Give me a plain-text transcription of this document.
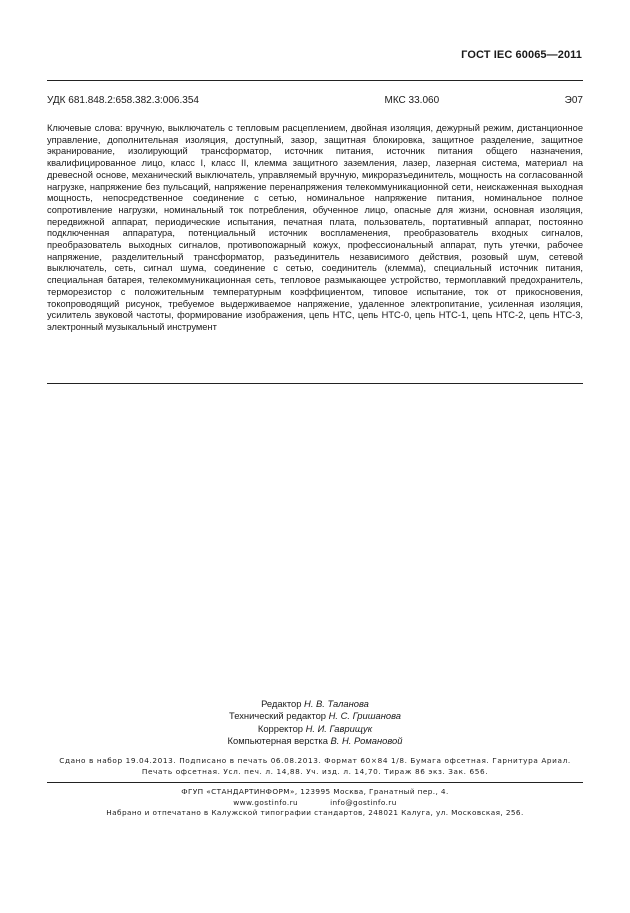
ГОСТ IEC 60065—2011
УДК 681.848.2:658.382.3:006.354	МКС 33.060	Э07

Ключевые слова: вручную, выключатель с тепловым расцеплением, двойная изоляция, дежурный режим, дистанционное управление, дополнительная изоляция, доступный, зазор, защитная блокировка, защитное разделение, защитное экранирование, изолирующий трансформатор, источник питания, источник питания общего назначения, квалифицированное лицо, класс I, класс II, клемма защитного заземления, лазер, лазерная система, материал на древесной основе, механический выключатель, управляемый вручную, микроразъединитель, мощность на согласованной нагрузке, напряжение без пульсаций, напряжение перенапряжения телекоммуникационной сети, неискаженная выходная мощность, непосредственное соединение с сетью, номинальное напряжение питания, номинальное полное сопротивление нагрузки, номинальный ток потребления, обученное лицо, опасные для жизни, основная изоляция, передвижной аппарат, периодические испытания, печатная плата, пользователь, портативный аппарат, постоянно подключенная аппаратура, потенциальный источник воспламенения, преобразователь входных сигналов, преобразователь выходных сигналов, противопожарный кожух, профессиональный аппарат, путь утечки, рабочее напряжение, разделительный трансформатор, разъединитель независимого действия, розовый шум, сетевой выключатель, сеть, сигнал шума, соединение с сетью, соединитель (клемма), специальный источник питания, специальная батарея, телекоммуникационная сеть, тепловое размыкающее устройство, термоплавкий предохранитель, терморезистор с положительным температурным коэффициентом, типовое испытание, ток от прикосновения, токопроводящий рисунок, требуемое выдерживаемое напряжение, удаленное электропитание, усиленная изоляция, усилитель звуковой частоты, формирование изображения, цепь НТС, цепь НТС-0, цепь НТС-1, цепь НТС-2, цепь НТС-3, электронный музыкальный инструмент

Редактор Н. В. Таланова
Технический редактор Н. С. Гришанова
Корректор Н. И. Гаврищук
Компьютерная верстка В. Н. Романовой
Сдано в набор 19.04.2013. Подписано в печать 06.08.2013. Формат 60×84 1/8. Бумага офсетная. Гарнитура Ариал.
Печать офсетная. Усл. печ. л. 14,88. Уч. изд. л. 14,70. Тираж 86 экз. Зак. 656.
ФГУП «СТАНДАРТИНФОРМ», 123995 Москва, Гранатный пер., 4.
www.gostinfo.ru	info@gostinfo.ru
Набрано и отпечатано в Калужской типографии стандартов, 248021 Калуга, ул. Московская, 256.
